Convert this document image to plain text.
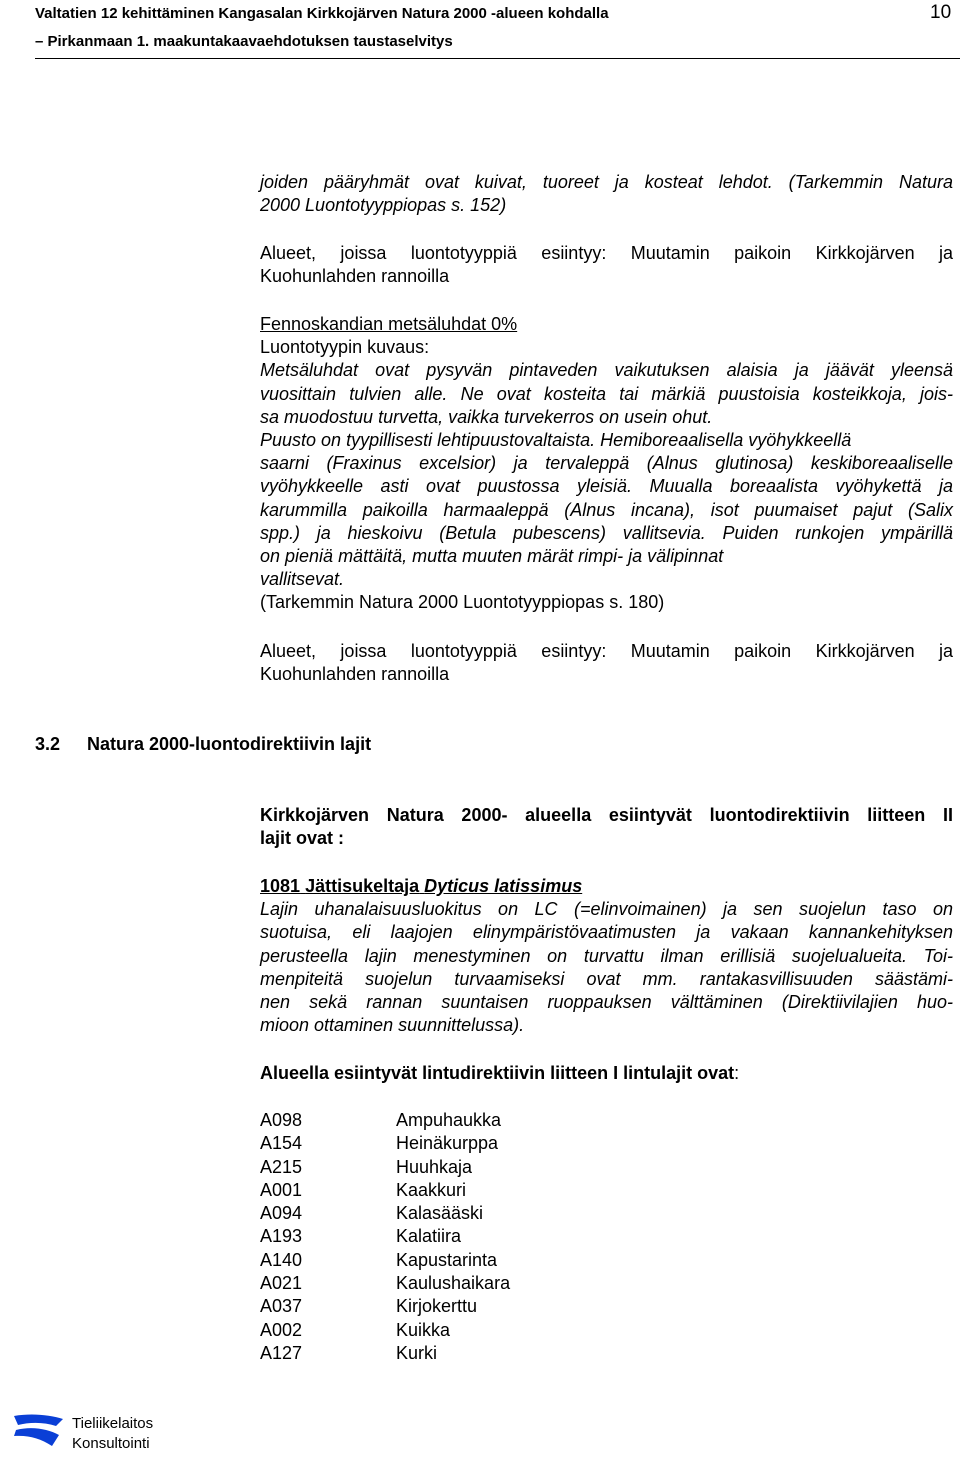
Valtatien 12 kehittäminen Kangasalan Kirkkojärven Natura 2000 -alueen kohdalla
– Pirkanmaan 1. maakuntakaavaehdotuksen taustaselvitys
10
joiden pääryhmät ovat kuivat, tuoreet ja kosteat lehdot. (Tarkemmin Natura
2000 Luontotyyppiopas s. 152)
Alueet, joissa luontotyyppiä esiintyy: Muutamin paikoin Kirkkojärven ja
Kuohunlahden rannoilla
Fennoskandian metsäluhdat 0%
Luontotyypin kuvaus:
Metsäluhdat ovat pysyvän pintaveden vaikutuksen alaisia ja jäävät yleensä
vuosittain tulvien alle. Ne ovat kosteita tai märkiä puustoisia kosteikkoja, jois-
sa muodostuu turvetta, vaikka turvekerros on usein ohut.
Puusto on tyypillisesti lehtipuustovaltaista. Hemiboreaalisella vyöhykkeellä
saarni (Fraxinus excelsior) ja tervaleppä (Alnus glutinosa) keskiboreaaliselle
vyöhykkeelle asti ovat puustossa yleisiä. Muualla boreaalista vyöhykettä ja
karummilla paikoilla harmaaleppä (Alnus incana), isot puumaiset pajut (Salix
spp.) ja hieskoivu (Betula pubescens) vallitsevia. Puiden runkojen ympärillä
on pieniä mättäitä, mutta muuten märät rimpi- ja välipinnat
vallitsevat.
(Tarkemmin Natura 2000 Luontotyyppiopas s. 180)
Alueet, joissa luontotyyppiä esiintyy: Muutamin paikoin Kirkkojärven ja
Kuohunlahden rannoilla
3.2 Natura 2000-luontodirektiivin lajit
Kirkkojärven Natura 2000- alueella esiintyvät luontodirektiivin liitteen II
lajit ovat :
1081 Jättisukeltaja Dyticus latissimus
Lajin uhanalaisuusluokitus on LC (=elinvoimainen) ja sen suojelun taso on
suotuisa, eli laajojen elinympäristövaatimusten ja vakaan kannankehityksen
perusteella lajin menestyminen on turvattu ilman erillisiä suojelualueita. Toi-
menpiteitä suojelun turvaamiseksi ovat mm. rantakasvillisuuden säästämi-
nen sekä rannan suuntaisen ruoppauksen välttäminen (Direktiivilajien huo-
mioon ottaminen suunnittelussa).
Alueella esiintyvät lintudirektiivin liitteen I lintulajit ovat:
A098	Ampuhaukka
A154	Heinäkurppa
A215	Huuhkaja
A001	Kaakkuri
A094	Kalasääski
A193	Kalatiira
A140	Kapustarinta
A021	Kaulushaikara
A037	Kirjokerttu
A002	Kuikka
A127	Kurki
Tieliikelaitos
Konsultointi
